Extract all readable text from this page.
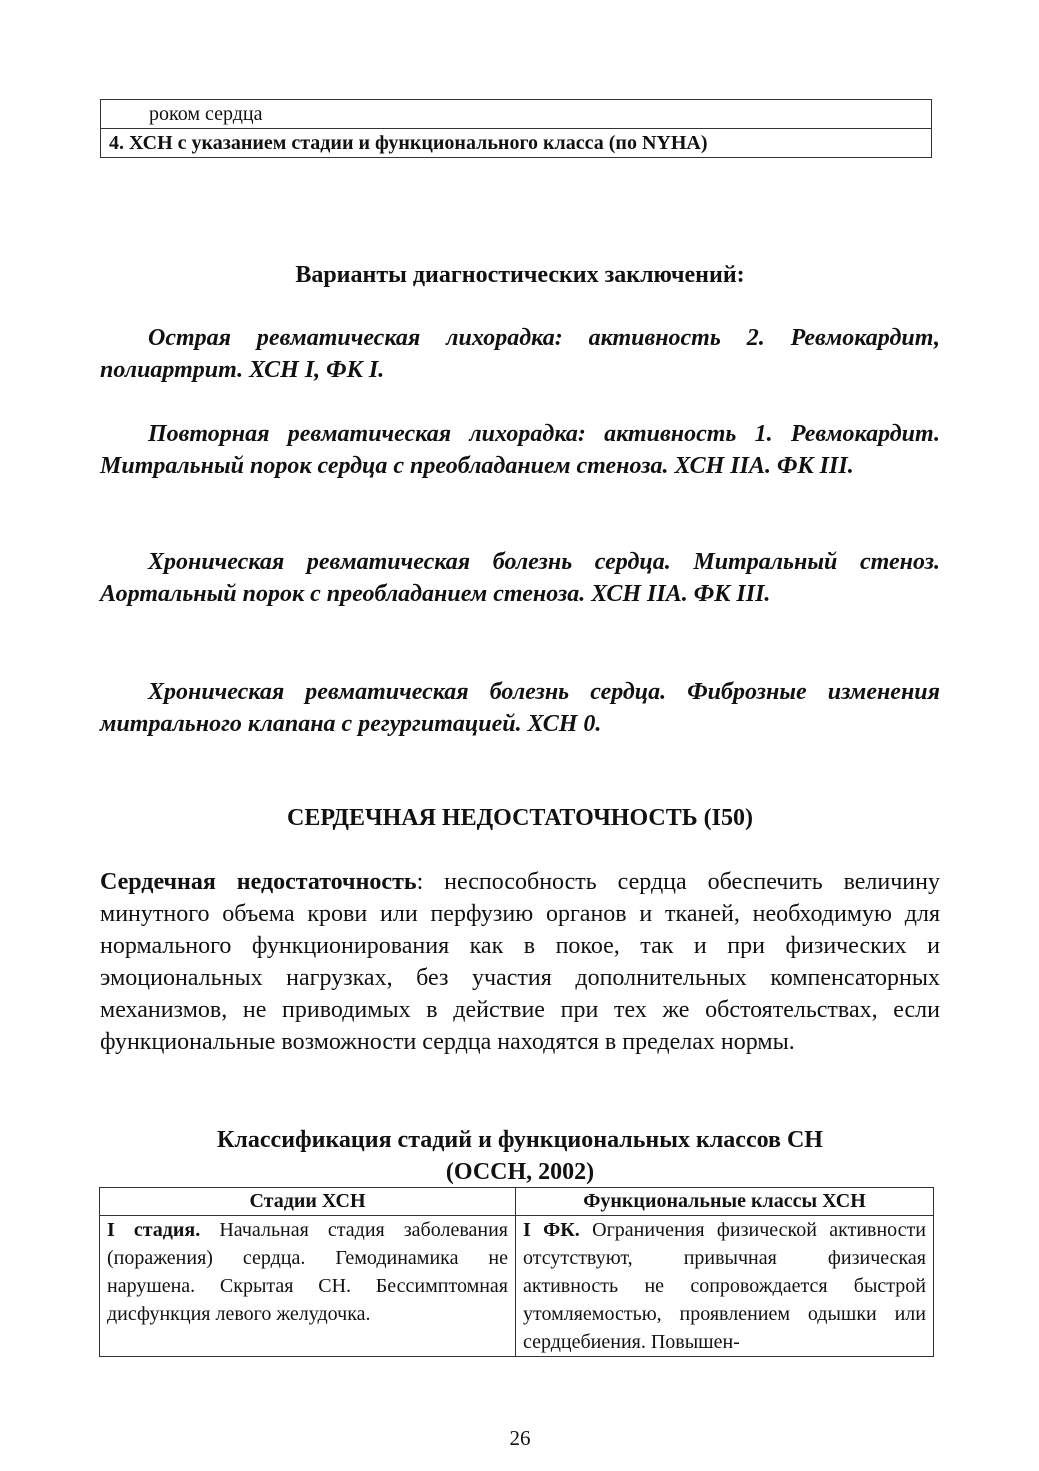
роком сердца
4. ХСН с указанием стадии и функционального класса (по NYHA)
Варианты диагностических заключений:
Острая ревматическая лихорадка: активность 2. Ревмокардит, полиартрит. ХСН I, ФК I.
Повторная ревматическая лихорадка: активность 1. Ревмокардит. Митральный порок сердца с преобладанием стеноза. ХСН IIА. ФК III.
Хроническая ревматическая болезнь сердца. Митральный стеноз. Аортальный порок с преобладанием стеноза. ХСН IIА. ФК III.
Хроническая ревматическая болезнь сердца. Фиброзные изменения митрального клапана с регургитацией. ХСН 0.
СЕРДЕЧНАЯ НЕДОСТАТОЧНОСТЬ (I50)
Сердечная недостаточность: неспособность сердца обеспечить величину минутного объема крови или перфузию органов и тканей, необходимую для нормального функционирования как в покое, так и при физических и эмоциональных нагрузках, без участия дополнительных компенсаторных механизмов, не приводимых в действие при тех же обстоятельствах, если функциональные возможности сердца находятся в пределах нормы.
Классификация стадий и функциональных классов СН
(ОССН, 2002)
Стадии ХСН	Функциональные классы ХСН
I стадия. Начальная стадия заболевания (поражения) сердца. Гемодинамика не нарушена. Скрытая СН. Бессимптомная дисфункция левого желудочка.	I ФК. Ограничения физической активности отсутствуют, привычная физическая активность не сопровождается быстрой утомляемостью, проявлением одышки или сердцебиения. Повышен-
26
